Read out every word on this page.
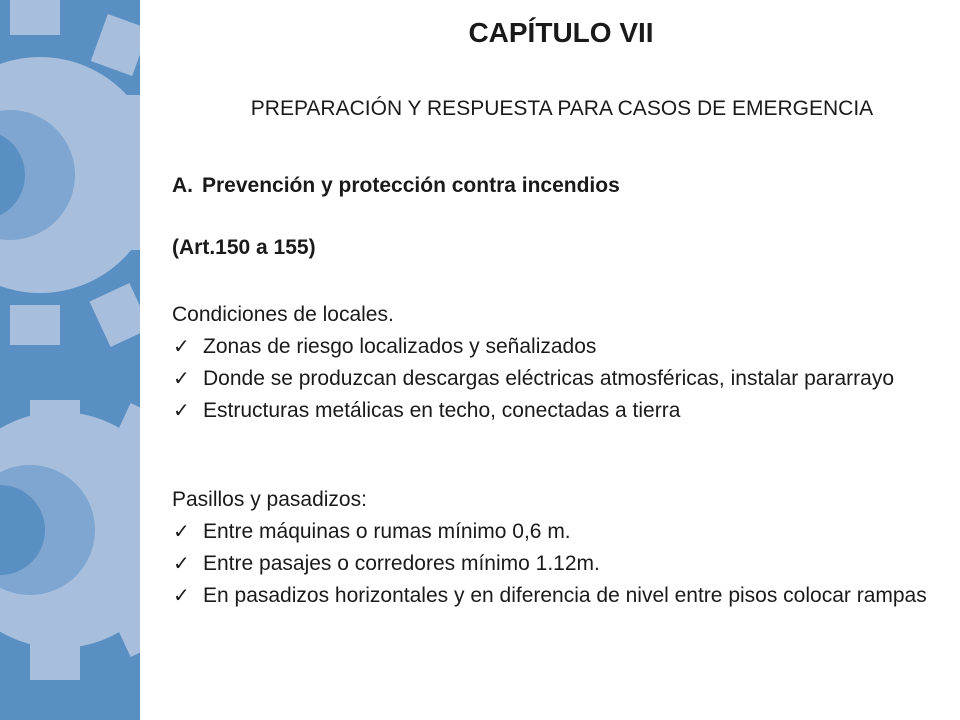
CAPÍTULO VII
PREPARACIÓN Y RESPUESTA PARA CASOS DE EMERGENCIA
A. Prevención y protección contra incendios
(Art.150 a 155)
Condiciones de locales.
✓ Zonas de riesgo localizados y señalizados
✓ Donde se produzcan descargas eléctricas atmosféricas, instalar pararrayo
✓ Estructuras metálicas en techo, conectadas a tierra
Pasillos y pasadizos:
✓ Entre máquinas o rumas mínimo 0,6 m.
✓ Entre pasajes o corredores mínimo 1.12m.
✓ En pasadizos horizontales y en diferencia de nivel entre pisos colocar rampas
